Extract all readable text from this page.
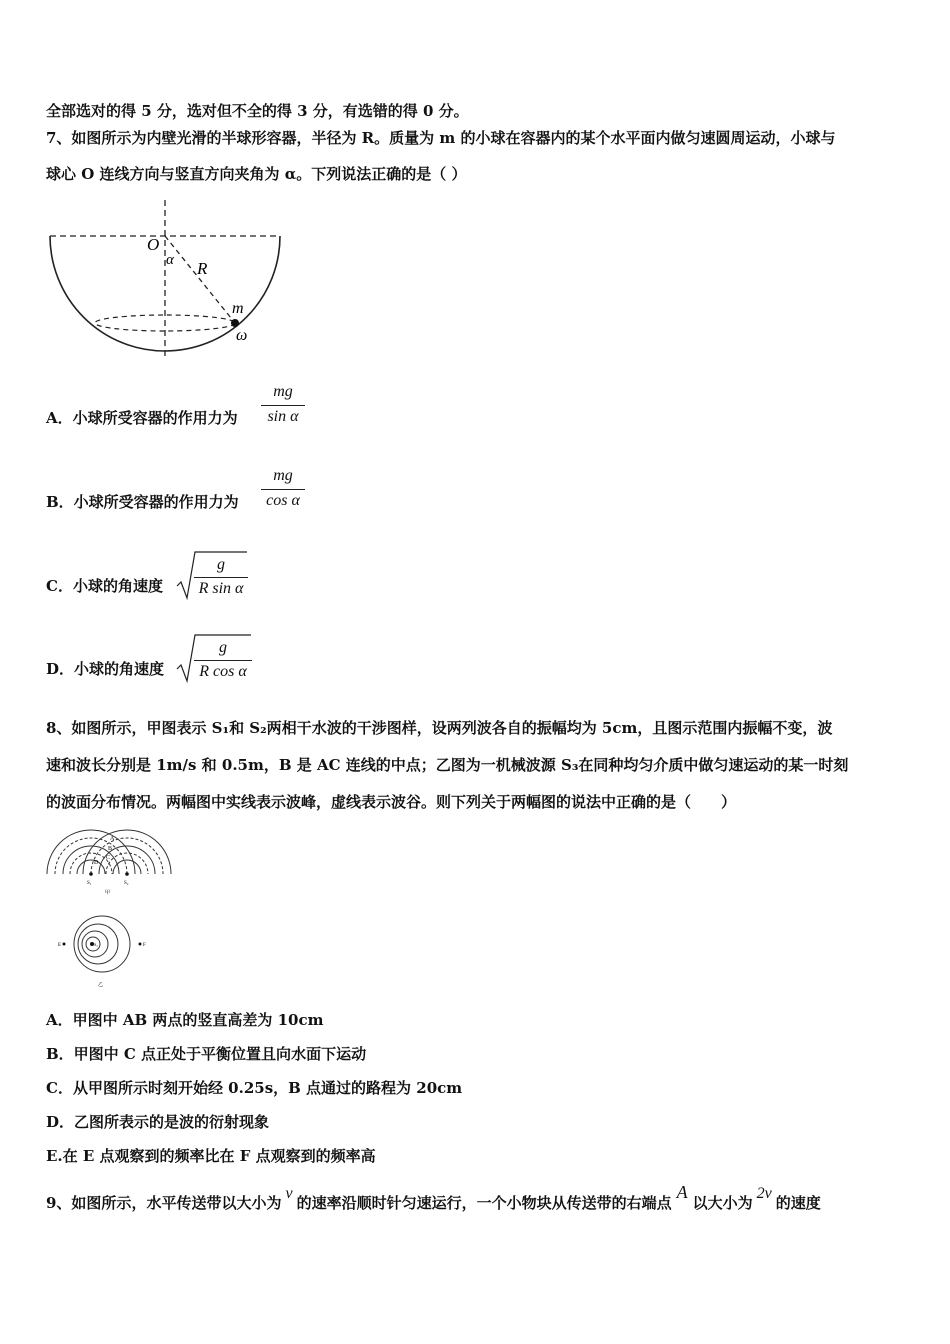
全部选对的得 5 分，选对但不全的得 3 分，有选错的得 0 分。
7、如图所示为内壁光滑的半球形容器，半径为 R。质量为 m 的小球在容器内的某个水平面内做匀速圆周运动，小球与
球心 O 连线方向与竖直方向夹角为 α。下列说法正确的是（ ）
O
α R
m
ω
A．小球所受容器的作用力为
mg
sin α
B．小球所受容器的作用力为
mg
cos α
C．小球的角速度
g
R sin α
D．小球的角速度
g
R cos α
8、如图所示，甲图表示 S₁和 S₂两相干水波的干涉图样，设两列波各自的振幅均为 5cm，且图示范围内振幅不变，波
速和波长分别是 1m/s 和 0.5m，B 是 AC 连线的中点；乙图为一机械波源 S₃在同种均匀介质中做匀速运动的某一时刻
的波面分布情况。两幅图中实线表示波峰，虚线表示波谷。则下列关于两幅图的说法中正确的是（　　）
A
B
C
D
S₁	S₂
甲
E	F
S₃
乙
A．甲图中 AB 两点的竖直高差为 10cm
B．甲图中 C 点正处于平衡位置且向水面下运动
C．从甲图所示时刻开始经 0.25s，B 点通过的路程为 20cm
D．乙图所表示的是波的衍射现象
E.在 E 点观察到的频率比在 F 点观察到的频率高
9、如图所示，水平传送带以大小为v的速率沿顺时针匀速运行，一个小物块从传送带的右端点A以大小为2v的速度
